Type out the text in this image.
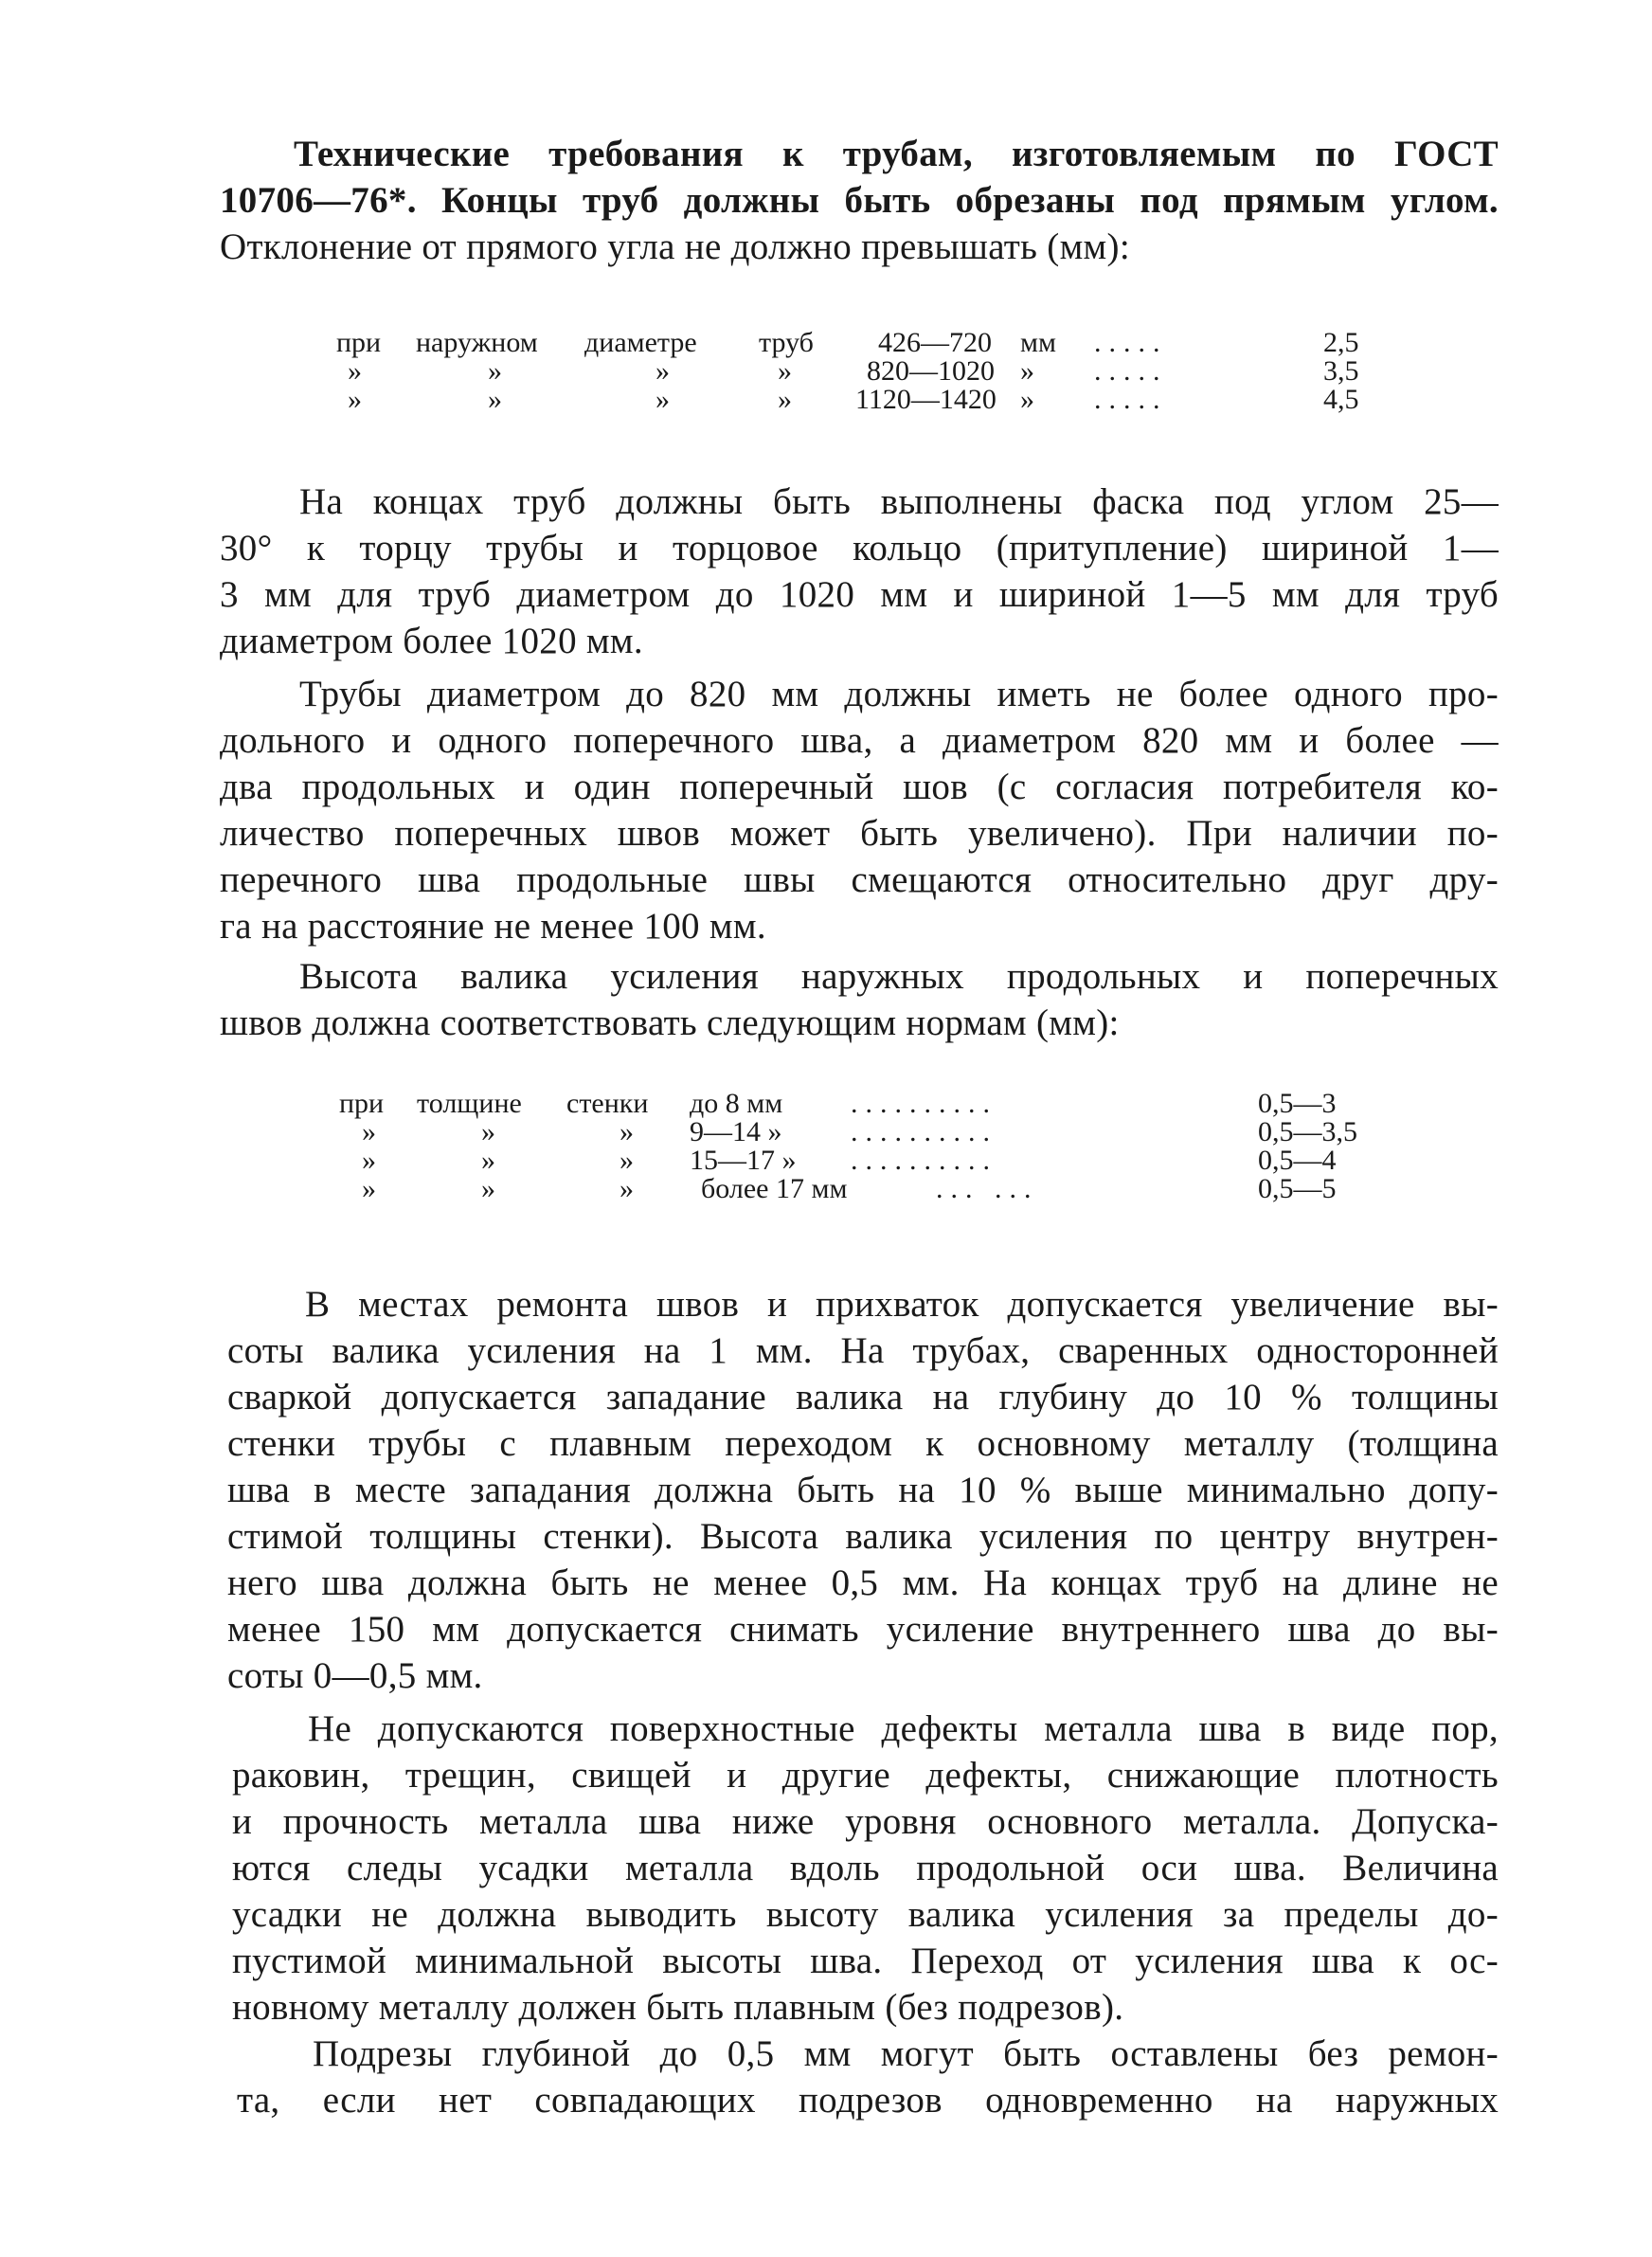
Технические требования к трубам, изготовляемым по ГОСТ
10706—76*. Концы труб должны быть обрезаны под прямым углом.
Отклонение от прямого угла не должно превышать (мм):
при наружном диаметре труб 426—720 мм .....	2,5
»	»	»	»	820—1020 » .....	3,5
»	»	»	» 1120—1420 » .....	4,5
На концах труб должны быть выполнены фаска под углом 25—
30° к торцу трубы и торцовое кольцо (притупление) шириной 1—
3 мм для труб диаметром до 1020 мм и шириной 1—5 мм для труб
диаметром более 1020 мм.
Трубы диаметром до 820 мм должны иметь не более одного про-
дольного и одного поперечного шва, а диаметром 820 мм и более —
два продольных и один поперечный шов (с согласия потребителя ко-
личество поперечных швов может быть увеличено). При наличии по-
перечного шва продольные швы смещаются относительно друг дру-
га на расстояние не менее 100 мм.
Высота валика усиления наружных продольных и поперечных
швов должна соответствовать следующим нормам (мм):
при толщине стенки до 8 мм ..........	0,5—3
»	»	» 9—14 » ..........	0,5—3,5
»	»	» 15—17 » ..........	0,5—4
»	»	» более 17 мм	... ...	0,5—5
В местах ремонта швов и прихваток допускается увеличение вы-
соты валика усиления на 1 мм. На трубах, сваренных односторонней
сваркой допускается западание валика на глубину до 10 % толщины
стенки трубы с плавным переходом к основному металлу (толщина
шва в месте западания должна быть на 10 % выше минимально допу-
стимой толщины стенки). Высота валика усиления по центру внутрен-
него шва должна быть не менее 0,5 мм. На концах труб на длине не
менее 150 мм допускается снимать усиление внутреннего шва до вы-
соты 0—0,5 мм.
Не допускаются поверхностные дефекты металла шва в виде пор,
раковин, трещин, свищей и другие дефекты, снижающие плотность
и прочность металла шва ниже уровня основного металла. Допуска-
ются следы усадки металла вдоль продольной оси шва. Величина
усадки не должна выводить высоту валика усиления за пределы до-
пустимой минимальной высоты шва. Переход от усиления шва к ос-
новному металлу должен быть плавным (без подрезов).
Подрезы глубиной до 0,5 мм могут быть оставлены без ремон-
та, если нет совпадающих подрезов одновременно на наружных
